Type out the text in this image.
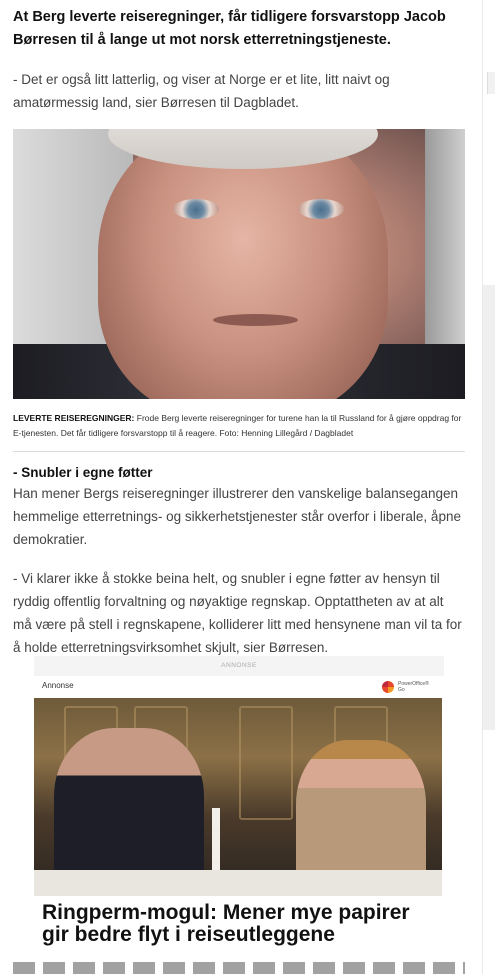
At Berg leverte reiseregninger, får tidligere forsvarstopp Jacob Børresen til å lange ut mot norsk etterretningstjeneste.

- Det er også litt latterlig, og viser at Norge er et lite, litt naivt og amatørmessig land, sier Børresen til Dagbladet.

LEVERTE REISEREGNINGER: Frode Berg leverte reiseregninger for turene han la til Russland for å gjøre oppdrag for E-tjenesten. Det får tidligere forsvarstopp til å reagere. Foto: Henning Lillegård / Dagbladet

- Snubler i egne føtter

Han mener Bergs reiseregninger illustrerer den vanskelige balansegangen hemmelige etterretnings- og sikkerhetstjenester står overfor i liberale, åpne demokratier.

- Vi klarer ikke å stokke beina helt, og snubler i egne føtter av hensyn til ryddig offentlig forvaltning og nøyaktige regnskap. Opptattheten av at alt må være på stell i regnskapene, kolliderer litt med hensynene man vil ta for å holde etterretningsvirksomhet skjult, sier Børresen.

ANNONSE
Annonse	PowerOffice® Go
Ringperm-mogul: Mener mye papirer gir bedre flyt i reiseutleggene
